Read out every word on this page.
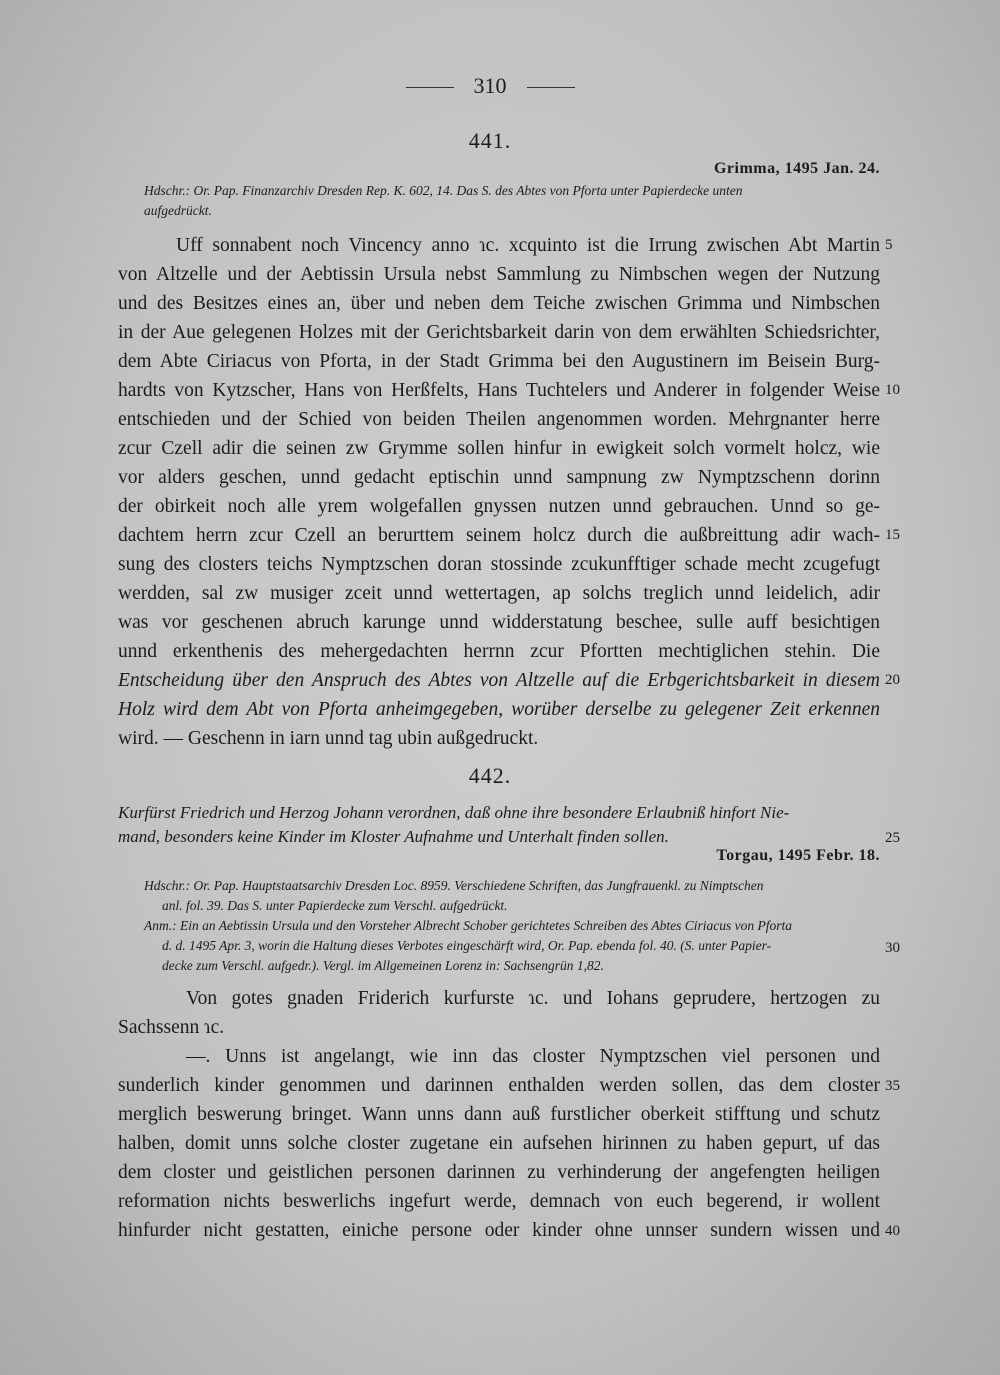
310
441.
Grimma, 1495 Jan. 24.
Hdschr.: Or. Pap. Finanzarchiv Dresden Rep. K. 602, 14. Das S. des Abtes von Pforta unter Papierdecke unten
aufgedrückt.
Uff sonnabent noch Vincency anno ɿc. xcquinto ist die Irrung zwischen Abt Martin
von Altzelle und der Aebtissin Ursula nebst Sammlung zu Nimbschen wegen der Nutzung
und des Besitzes eines an, über und neben dem Teiche zwischen Grimma und Nimbschen
in der Aue gelegenen Holzes mit der Gerichtsbarkeit darin von dem erwählten Schiedsrichter,
dem Abte Ciriacus von Pforta, in der Stadt Grimma bei den Augustinern im Beisein Burg-
hardts von Kytzscher, Hans von Herßfelts, Hans Tuchtelers und Anderer in folgender Weise
entschieden und der Schied von beiden Theilen angenommen worden. Mehrgnanter herre
zcur Czell adir die seinen zw Grymme sollen hinfur in ewigkeit solch vormelt holcz, wie
vor alders geschen, unnd gedacht eptischin unnd sampnung zw Nymptzschenn dorinn
der obirkeit noch alle yrem wolgefallen gnyssen nutzen unnd gebrauchen. Unnd so ge-
dachtem herrn zcur Czell an berurttem seinem holcz durch die außbreittung adir wach-
sung des closters teichs Nymptzschen doran stossinde zcukunfftiger schade mecht zcugefugt
werdden, sal zw musiger zceit unnd wettertagen, ap solchs treglich unnd leidelich, adir
was vor geschenen abruch karunge unnd widderstatung beschee, sulle auff besichtigen
unnd erkenthenis des mehergedachten herrnn zcur Pfortten mechtiglichen stehin. Die
Entscheidung über den Anspruch des Abtes von Altzelle auf die Erbgerichtsbarkeit in diesem
Holz wird dem Abt von Pforta anheimgegeben, worüber derselbe zu gelegener Zeit erkennen
wird. — Geschenn in iarn unnd tag ubin außgedruckt.
442.
Kurfürst Friedrich und Herzog Johann verordnen, daß ohne ihre besondere Erlaubniß hinfort Nie-
mand, besonders keine Kinder im Kloster Aufnahme und Unterhalt finden sollen.
Torgau, 1495 Febr. 18.
Hdschr.: Or. Pap. Hauptstaatsarchiv Dresden Loc. 8959. Verschiedene Schriften, das Jungfrauenkl. zu Nimptschen
anl. fol. 39. Das S. unter Papierdecke zum Verschl. aufgedrückt.
Anm.: Ein an Aebtissin Ursula und den Vorsteher Albrecht Schober gerichtetes Schreiben des Abtes Ciriacus von Pforta
d. d. 1495 Apr. 3, worin die Haltung dieses Verbotes eingeschärft wird, Or. Pap. ebenda fol. 40. (S. unter Papier-
decke zum Verschl. aufgedr.). Vergl. im Allgemeinen Lorenz in: Sachsengrün 1,82.
Von gotes gnaden Friderich kurfurste ɿc. und Iohans geprudere, hertzogen zu
Sachssenn ɿc.
—. Unns ist angelangt, wie inn das closter Nymptzschen viel personen und
sunderlich kinder genommen und darinnen enthalden werden sollen, das dem closter
merglich beswerung bringet. Wann unns dann auß furstlicher oberkeit stifftung und schutz
halben, domit unns solche closter zugetane ein aufsehen hirinnen zu haben gepurt, uf das
dem closter und geistlichen personen darinnen zu verhinderung der angefengten heiligen
reformation nichts beswerlichs ingefurt werde, demnach von euch begerend, ir wollent
hinfurder nicht gestatten, einiche persone oder kinder ohne unnser sundern wissen und
5
10
15
20
25
30
35
40
